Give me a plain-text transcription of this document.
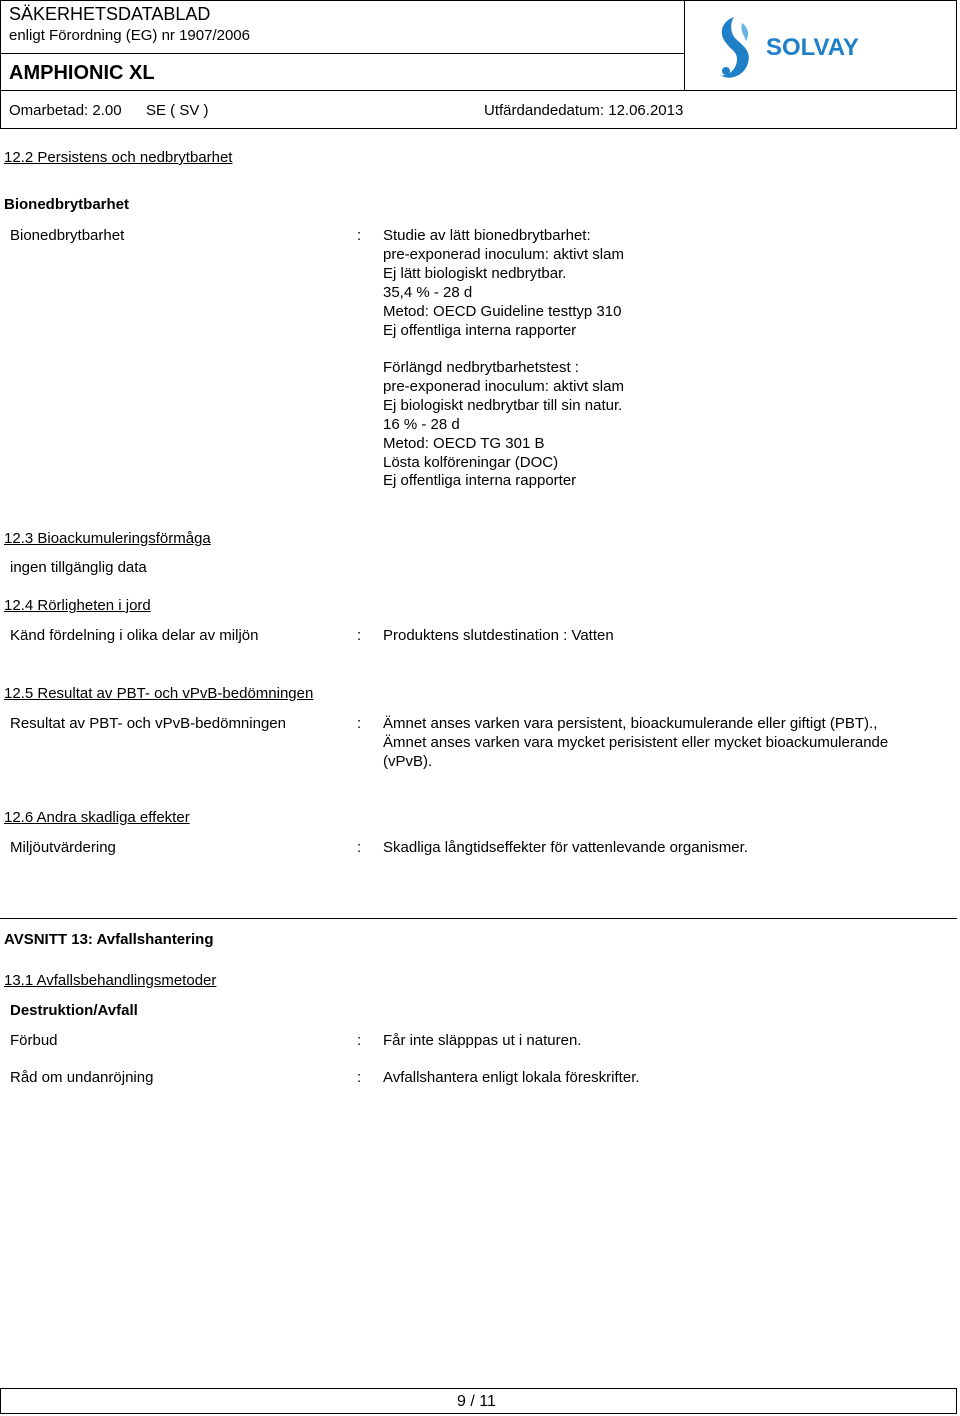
SÄKERHETSDATABLAD
enligt Förordning (EG) nr 1907/2006
AMPHIONIC XL
SOLVAY
Omarbetad: 2.00 SE ( SV )	Utfärdandedatum: 12.06.2013
12.2 Persistens och nedbrytbarhet
Bionedbrytbarhet
Bionedbrytbarhet	: Studie av lätt bionedbrytbarhet:
pre-exponerad inoculum: aktivt slam
Ej lätt biologiskt nedbrytbar.
35,4 % - 28 d
Metod: OECD Guideline testtyp 310
Ej offentliga interna rapporter
Förlängd nedbrytbarhetstest :
pre-exponerad inoculum: aktivt slam
Ej biologiskt nedbrytbar till sin natur.
16 % - 28 d
Metod: OECD TG 301 B
Lösta kolföreningar (DOC)
Ej offentliga interna rapporter
12.3 Bioackumuleringsförmåga
ingen tillgänglig data
12.4 Rörligheten i jord
Känd fördelning i olika delar av miljön	: Produktens slutdestination : Vatten
12.5 Resultat av PBT- och vPvB-bedömningen
Resultat av PBT- och vPvB-bedömningen	: Ämnet anses varken vara persistent, bioackumulerande eller giftigt (PBT).,
Ämnet anses varken vara mycket perisistent eller mycket bioackumulerande
(vPvB).
12.6 Andra skadliga effekter
Miljöutvärdering	: Skadliga långtidseffekter för vattenlevande organismer.
AVSNITT 13: Avfallshantering
13.1 Avfallsbehandlingsmetoder
Destruktion/Avfall
Förbud	: Får inte släpppas ut i naturen.
Råd om undanröjning	: Avfallshantera enligt lokala föreskrifter.
9 / 11
